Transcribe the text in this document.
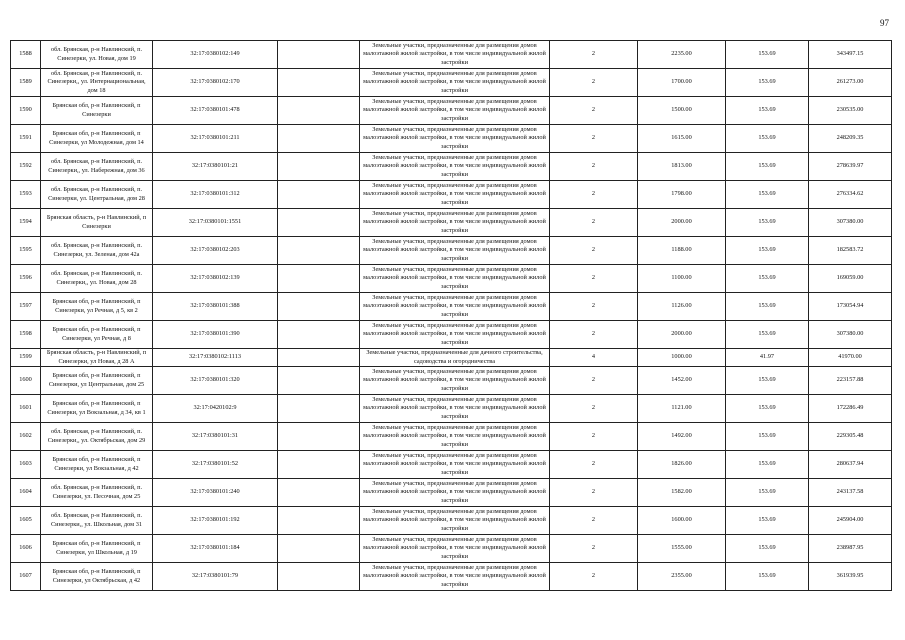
97
1588	обл. Брянская, р-н Навлинский, п. Синезерки, ул. Новая, дом 19	32:17:0380102:149		Земельные участки, предназначенные для размещения домов малоэтажной жилой застройки, в том числе индивидуальной жилой застройки	2	2235.00	153.69	343497.15
1589	обл. Брянская, р-н Навлинский, п. Синезерки,, ул. Интернациональная, дом 18	32:17:0380102:170		Земельные участки, предназначенные для размещения домов малоэтажной жилой застройки, в том числе индивидуальной жилой застройки	2	1700.00	153.69	261273.00
1590	Брянская обл, р-н Навлинский, п Синезерки	32:17:0380101:478		Земельные участки, предназначенные для размещения домов малоэтажной жилой застройки, в том числе индивидуальной жилой застройки	2	1500.00	153.69	230535.00
1591	Брянская обл, р-н Навлинский, п Синезерки, ул Молодежная, дом 14	32:17:0380101:211		Земельные участки, предназначенные для размещения домов малоэтажной жилой застройки, в том числе индивидуальной жилой застройки	2	1615.00	153.69	248209.35
1592	обл. Брянская, р-н Навлинский, п. Синезерки,, ул. Набережная, дом 36	32:17:0380101:21		Земельные участки, предназначенные для размещения домов малоэтажной жилой застройки, в том числе индивидуальной жилой застройки	2	1813.00	153.69	278639.97
1593	обл. Брянская, р-н Навлинский, п. Синезерки, ул. Центральная, дом 28	32:17:0380101:312		Земельные участки, предназначенные для размещения домов малоэтажной жилой застройки, в том числе индивидуальной жилой застройки	2	1798.00	153.69	276334.62
1594	Брянская область, р-н Навлинский, п Синезерки	32:17:0380101:1551		Земельные участки, предназначенные для размещения домов малоэтажной жилой застройки, в том числе индивидуальной жилой застройки	2	2000.00	153.69	307380.00
1595	обл. Брянская, р-н Навлинский, п. Синезерки, ул. Зеленая, дом 42а	32:17:0380102:203		Земельные участки, предназначенные для размещения домов малоэтажной жилой застройки, в том числе индивидуальной жилой застройки	2	1188.00	153.69	182583.72
1596	обл. Брянская, р-н Навлинский, п. Синезерки,, ул. Новая, дом 28	32:17:0380102:139		Земельные участки, предназначенные для размещения домов малоэтажной жилой застройки, в том числе индивидуальной жилой застройки	2	1100.00	153.69	169059.00
1597	Брянская обл, р-н Навлинский, п Синезерки, ул Речная, д 5, кв 2	32:17:0380101:388		Земельные участки, предназначенные для размещения домов малоэтажной жилой застройки, в том числе индивидуальной жилой застройки	2	1126.00	153.69	173054.94
1598	Брянская обл, р-н Навлинский, п Синезерки, ул Речная, д 8	32:17:0380101:390		Земельные участки, предназначенные для размещения домов малоэтажной жилой застройки, в том числе индивидуальной жилой застройки	2	2000.00	153.69	307380.00
1599	Брянская область, р-н Навлинский, п Синезерки, ул Новая, д 28 А	32:17:0380102:1113		Земельные участки, предназначенные для дачного строительства, садоводства и огородничества	4	1000.00	41.97	41970.00
1600	Брянская обл, р-н Навлинский, п Синезерки, ул Центральная, дом 25	32:17:0380101:320		Земельные участки, предназначенные для размещения домов малоэтажной жилой застройки, в том числе индивидуальной жилой застройки	2	1452.00	153.69	223157.88
1601	Брянская обл, р-н Навлинский, п Синезерки, ул Вокзальная, д 34, кв 1	32:17:0420102:9		Земельные участки, предназначенные для размещения домов малоэтажной жилой застройки, в том числе индивидуальной жилой застройки	2	1121.00	153.69	172286.49
1602	обл. Брянская, р-н Навлинский, п. Синезерки,, ул. Октябрьская, дом 29	32:17:0380101:31		Земельные участки, предназначенные для размещения домов малоэтажной жилой застройки, в том числе индивидуальной жилой застройки	2	1492.00	153.69	229305.48
1603	Брянская обл, р-н Навлинский, п Синезерки, ул Вокзальная, д 42	32:17:0380101:52		Земельные участки, предназначенные для размещения домов малоэтажной жилой застройки, в том числе индивидуальной жилой застройки	2	1826.00	153.69	280637.94
1604	обл. Брянская, р-н Навлинский, п. Синезерки, ул. Песочная, дом 25	32:17:0380101:240		Земельные участки, предназначенные для размещения домов малоэтажной жилой застройки, в том числе индивидуальной жилой застройки	2	1582.00	153.69	243137.58
1605	обл. Брянская, р-н Навлинский, п. Синезерки,, ул. Школьная, дом 31	32:17:0380101:192		Земельные участки, предназначенные для размещения домов малоэтажной жилой застройки, в том числе индивидуальной жилой застройки	2	1600.00	153.69	245904.00
1606	Брянская обл, р-н Навлинский, п Синезерки, ул Школьная, д 19	32:17:0380101:184		Земельные участки, предназначенные для размещения домов малоэтажной жилой застройки, в том числе индивидуальной жилой застройки	2	1555.00	153.69	238987.95
1607	Брянская обл, р-н Навлинский, п Синезерки, ул Октябрьская, д 42	32:17:0380101:79		Земельные участки, предназначенные для размещения домов малоэтажной жилой застройки, в том числе индивидуальной жилой застройки	2	2355.00	153.69	361939.95
